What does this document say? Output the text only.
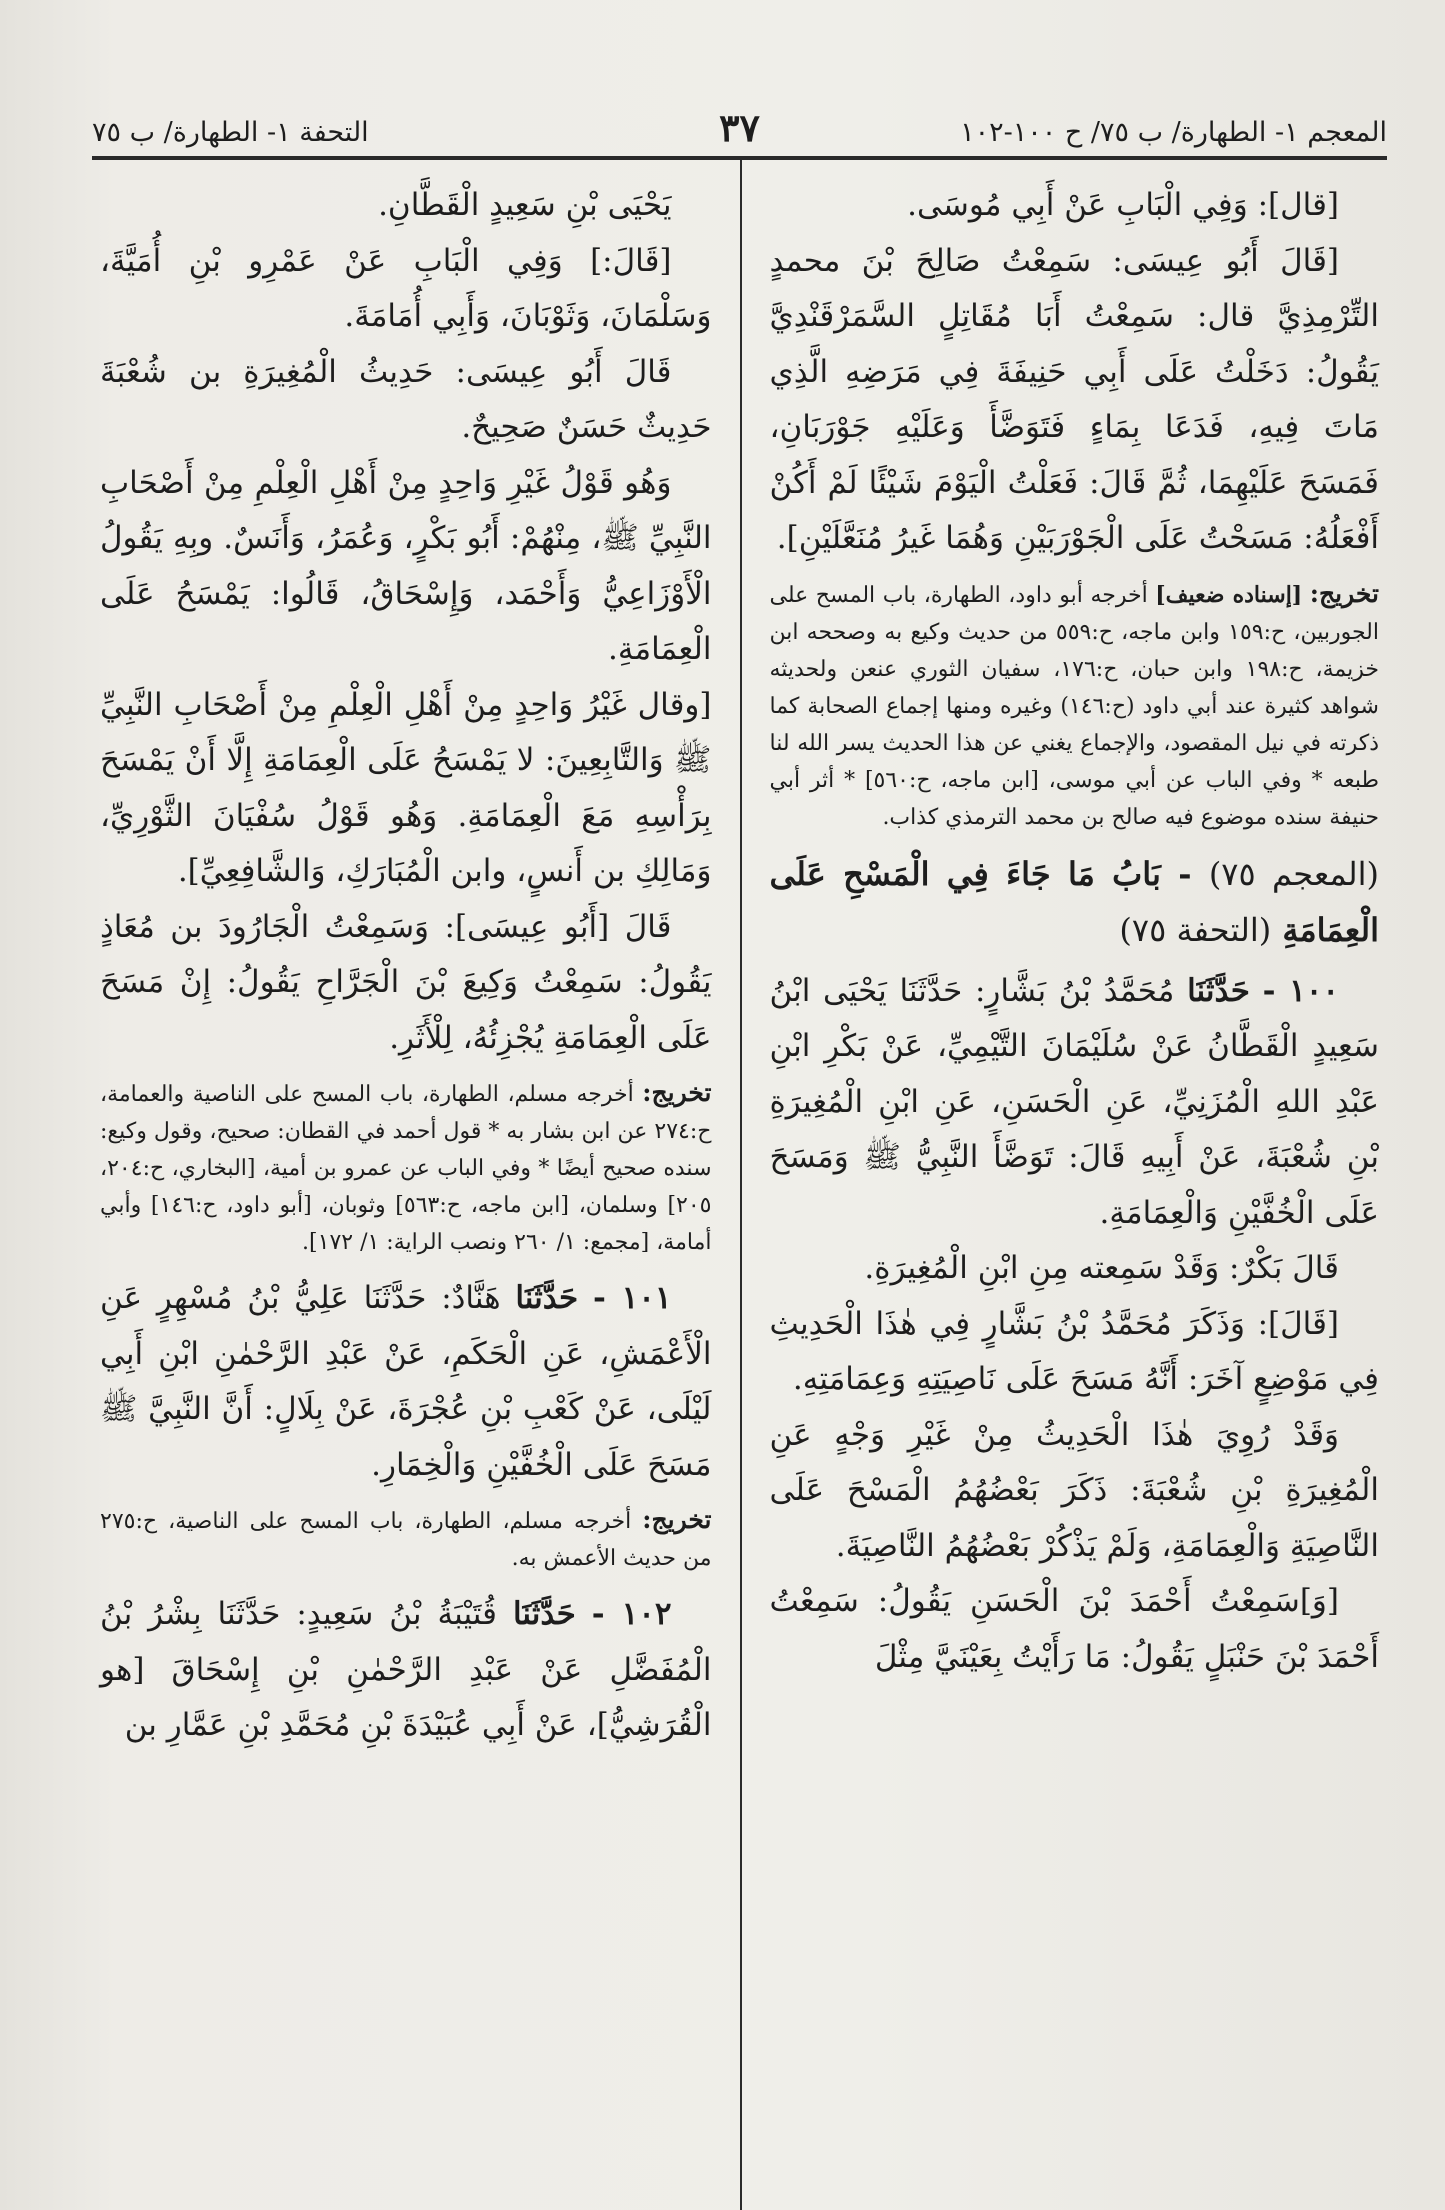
المعجم ١- الطهارة/ ب ٧٥/ ح ١٠٠-١٠٢
٣٧
التحفة ١- الطهارة/ ب ٧٥

[قال]: وَفِي الْبَابِ عَنْ أَبِي مُوسَى.

[قَالَ أَبُو عِيسَى: سَمِعْتُ صَالِحَ بْنَ محمدٍ التِّرْمِذِيَّ قال: سَمِعْتُ أَبَا مُقَاتِلٍ السَّمَرْقَنْدِيَّ يَقُولُ: دَخَلْتُ عَلَى أَبِي حَنِيفَةَ فِي مَرَضِهِ الَّذِي مَاتَ فِيهِ، فَدَعَا بِمَاءٍ فَتَوَضَّأَ وَعَلَيْهِ جَوْرَبَانِ، فَمَسَحَ عَلَيْهِمَا، ثُمَّ قَالَ: فَعَلْتُ الْيَوْمَ شَيْئًا لَمْ أَكُنْ أَفْعَلُهُ: مَسَحْتُ عَلَى الْجَوْرَبَيْنِ وَهُمَا غَيرُ مُنَعَّلَيْنِ].

تخريج: [إسناده ضعيف] أخرجه أبو داود، الطهارة، باب المسح على الجوربين، ح:١٥٩ وابن ماجه، ح:٥٥٩ من حديث وكيع به وصححه ابن خزيمة، ح:١٩٨ وابن حبان، ح:١٧٦، سفيان الثوري عنعن ولحديثه شواهد كثيرة عند أبي داود (ح:١٤٦) وغيره ومنها إجماع الصحابة كما ذكرته في نيل المقصود، والإجماع يغني عن هذا الحديث يسر الله لنا طبعه * وفي الباب عن أبي موسى، [ابن ماجه، ح:٥٦٠] * أثر أبي حنيفة سنده موضوع فيه صالح بن محمد الترمذي كذاب.
(المعجم ٧٥) - بَابُ مَا جَاءَ فِي الْمَسْحِ عَلَى الْعِمَامَةِ (التحفة ٧٥)

١٠٠ - حَدَّثَنَا مُحَمَّدُ بْنُ بَشَّارٍ: حَدَّثَنَا يَحْيَى ابْنُ سَعِيدٍ الْقَطَّانُ عَنْ سُلَيْمَانَ التَّيْمِيِّ، عَنْ بَكْرِ ابْنِ عَبْدِ اللهِ الْمُزَنِيِّ، عَنِ الْحَسَنِ، عَنِ ابْنِ الْمُغِيرَةِ بْنِ شُعْبَةَ، عَنْ أَبِيهِ قَالَ: تَوَضَّأَ النَّبِيُّ ﷺ وَمَسَحَ عَلَى الْخُفَّيْنِ وَالْعِمَامَةِ.

قَالَ بَكْرٌ: وَقَدْ سَمِعته مِنِ ابْنِ الْمُغِيرَةِ.

[قَالَ]: وَذَكَرَ مُحَمَّدُ بْنُ بَشَّارٍ فِي هٰذَا الْحَدِيثِ فِي مَوْضِعٍ آخَرَ: أَنَّهُ مَسَحَ عَلَى نَاصِيَتِهِ وَعِمَامَتِهِ.

وَقَدْ رُوِيَ هٰذَا الْحَدِيثُ مِنْ غَيْرِ وَجْهٍ عَنِ الْمُغِيرَةِ بْنِ شُعْبَةَ: ذَكَرَ بَعْضُهُمُ الْمَسْحَ عَلَى النَّاصِيَةِ وَالْعِمَامَةِ، وَلَمْ يَذْكُرْ بَعْضُهُمُ النَّاصِيَةَ.

[وَ]سَمِعْتُ أَحْمَدَ بْنَ الْحَسَنِ يَقُولُ: سَمِعْتُ أَحْمَدَ بْنَ حَنْبَلٍ يَقُولُ: مَا رَأَيْتُ بِعَيْنَيَّ مِثْلَ

يَحْيَى بْنِ سَعِيدٍ الْقَطَّانِ.

[قَالَ:] وَفِي الْبَابِ عَنْ عَمْرِو بْنِ أُمَيَّةَ، وَسَلْمَانَ، وَثَوْبَانَ، وَأَبِي أُمَامَةَ.

قَالَ أَبُو عِيسَى: حَدِيثُ الْمُغِيرَةِ بن شُعْبَةَ حَدِيثٌ حَسَنٌ صَحِيحٌ.

وَهُو قَوْلُ غَيْرِ وَاحِدٍ مِنْ أَهْلِ الْعِلْمِ مِنْ أَصْحَابِ النَّبِيِّ ﷺ، مِنْهُمْ: أَبُو بَكْرٍ، وَعُمَرُ، وَأَنَسٌ. وبِهِ يَقُولُ الْأَوْزَاعِيُّ وَأَحْمَد، وَإِسْحَاقُ، قَالُوا: يَمْسَحُ عَلَى الْعِمَامَةِ.

[وقال غَيْرُ وَاحِدٍ مِنْ أَهْلِ الْعِلْمِ مِنْ أَصْحَابِ النَّبِيِّ ﷺ وَالتَّابِعِينَ: لا يَمْسَحُ عَلَى الْعِمَامَةِ إِلَّا أَنْ يَمْسَحَ بِرَأْسِهِ مَعَ الْعِمَامَةِ. وَهُو قَوْلُ سُفْيَانَ الثَّوْرِيِّ، وَمَالِكِ بن أَنسٍ، وابن الْمُبَارَكِ، وَالشَّافِعِيِّ].

قَالَ [أَبُو عِيسَى]: وَسَمِعْتُ الْجَارُودَ بن مُعَاذٍ يَقُولُ: سَمِعْتُ وَكِيعَ بْنَ الْجَرَّاحِ يَقُولُ: إِنْ مَسَحَ عَلَى الْعِمَامَةِ يُجْزِئُهُ، لِلْأَثَرِ.

تخريج: أخرجه مسلم، الطهارة، باب المسح على الناصية والعمامة، ح:٢٧٤ عن ابن بشار به * قول أحمد في القطان: صحيح، وقول وكيع: سنده صحيح أيضًا * وفي الباب عن عمرو بن أمية، [البخاري، ح:٢٠٤، ٢٠٥] وسلمان، [ابن ماجه، ح:٥٦٣] وثوبان، [أبو داود، ح:١٤٦] وأبي أمامة، [مجمع: ١/ ٢٦٠ ونصب الراية: ١/ ١٧٢].

١٠١ - حَدَّثَنَا هَنَّادٌ: حَدَّثَنَا عَلِيُّ بْنُ مُسْهِرٍ عَنِ الْأَعْمَشِ، عَنِ الْحَكَمِ، عَنْ عَبْدِ الرَّحْمٰنِ ابْنِ أَبِي لَيْلَى، عَنْ كَعْبِ بْنِ عُجْرَةَ، عَنْ بِلَالٍ: أَنَّ النَّبِيَّ ﷺ مَسَحَ عَلَى الْخُفَّيْنِ وَالْخِمَارِ.

تخريج: أخرجه مسلم، الطهارة، باب المسح على الناصية، ح:٢٧٥ من حديث الأعمش به.

١٠٢ - حَدَّثَنَا قُتَيْبَةُ بْنُ سَعِيدٍ: حَدَّثَنَا بِشْرُ بْنُ الْمُفَضَّلِ عَنْ عَبْدِ الرَّحْمٰنِ بْنِ إِسْحَاقَ [هو الْقُرَشِيُّ]، عَنْ أَبِي عُبَيْدَةَ بْنِ مُحَمَّدِ بْنِ عَمَّارِ بن
